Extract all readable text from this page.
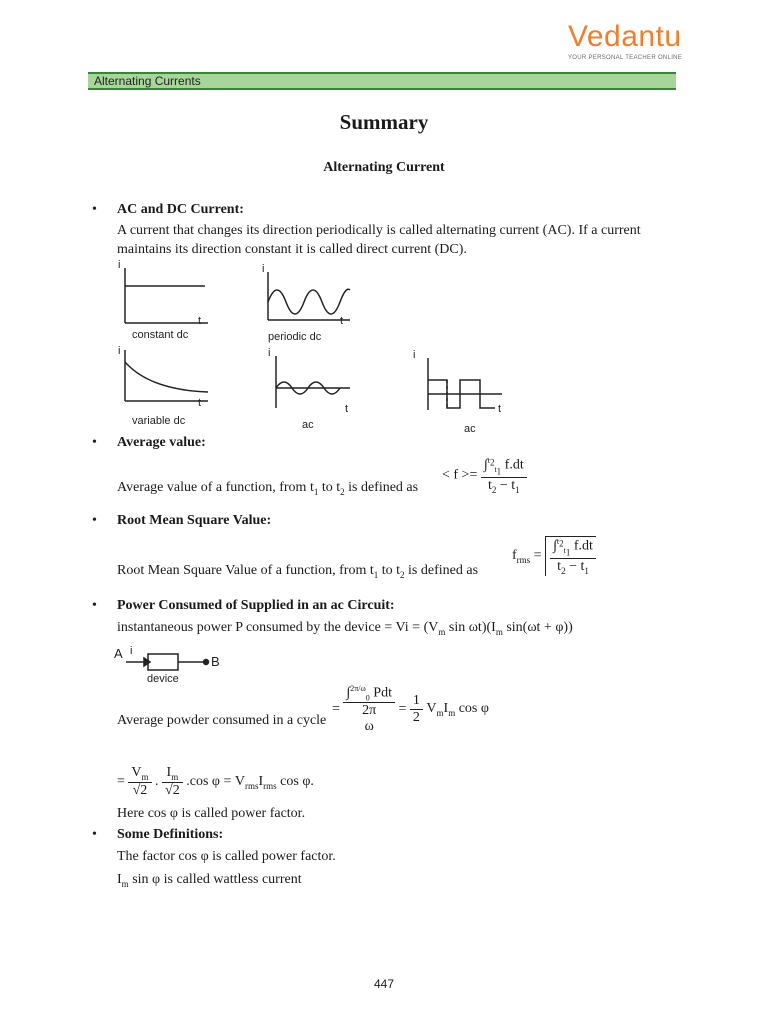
Vedantu
YOUR PERSONAL TEACHER ONLINE
Alternating Currents
Summary
Alternating Current
• AC and DC Current:
A current that changes its direction periodically is called alternating current (AC). If a current
maintains its direction constant it is called direct current (DC).
i
t
constant dc
i
t
periodic dc
i
t
variable dc
i
t
ac
i
t
ac
• Average value:
Average value of a function, from $t_1$ to $t_2$ is defined as
< $f >= \frac{\int^{t_2}_{t_1} f.dt}{t_2 - t_1}$
• Root Mean Square Value:
Root Mean Square Value of a function, from $t_1$ to $t_2$ is defined as
$f_{rms} = \frac{\int^{t_2}_{t_1} f.dt}{t_2 - t_1}$
• Power Consumed of Supplied in an ac Circuit:
instantaneous power P consumed by the device = $Vi = (V_m$ $\sin \omega t)(I_m$ sin(ωt + φ))
A i
B
device
Average powder consumed in a cycle
=
∫$^{2\pi/\omega}_0$ Pdt
2π
ω
= $\frac{1}{2} V_mI_m$ cos φ
= $\frac{V_m}{√2}$ . $\frac{I_m}{√2} .\cos$ $\varphi = V_{rms}I_{rms}$ cos φ.
Here cos φ is called power factor.
• Some Definitions:
The factor cos φ is called power factor.
$I_m$ sin φ is called wattless current
447
